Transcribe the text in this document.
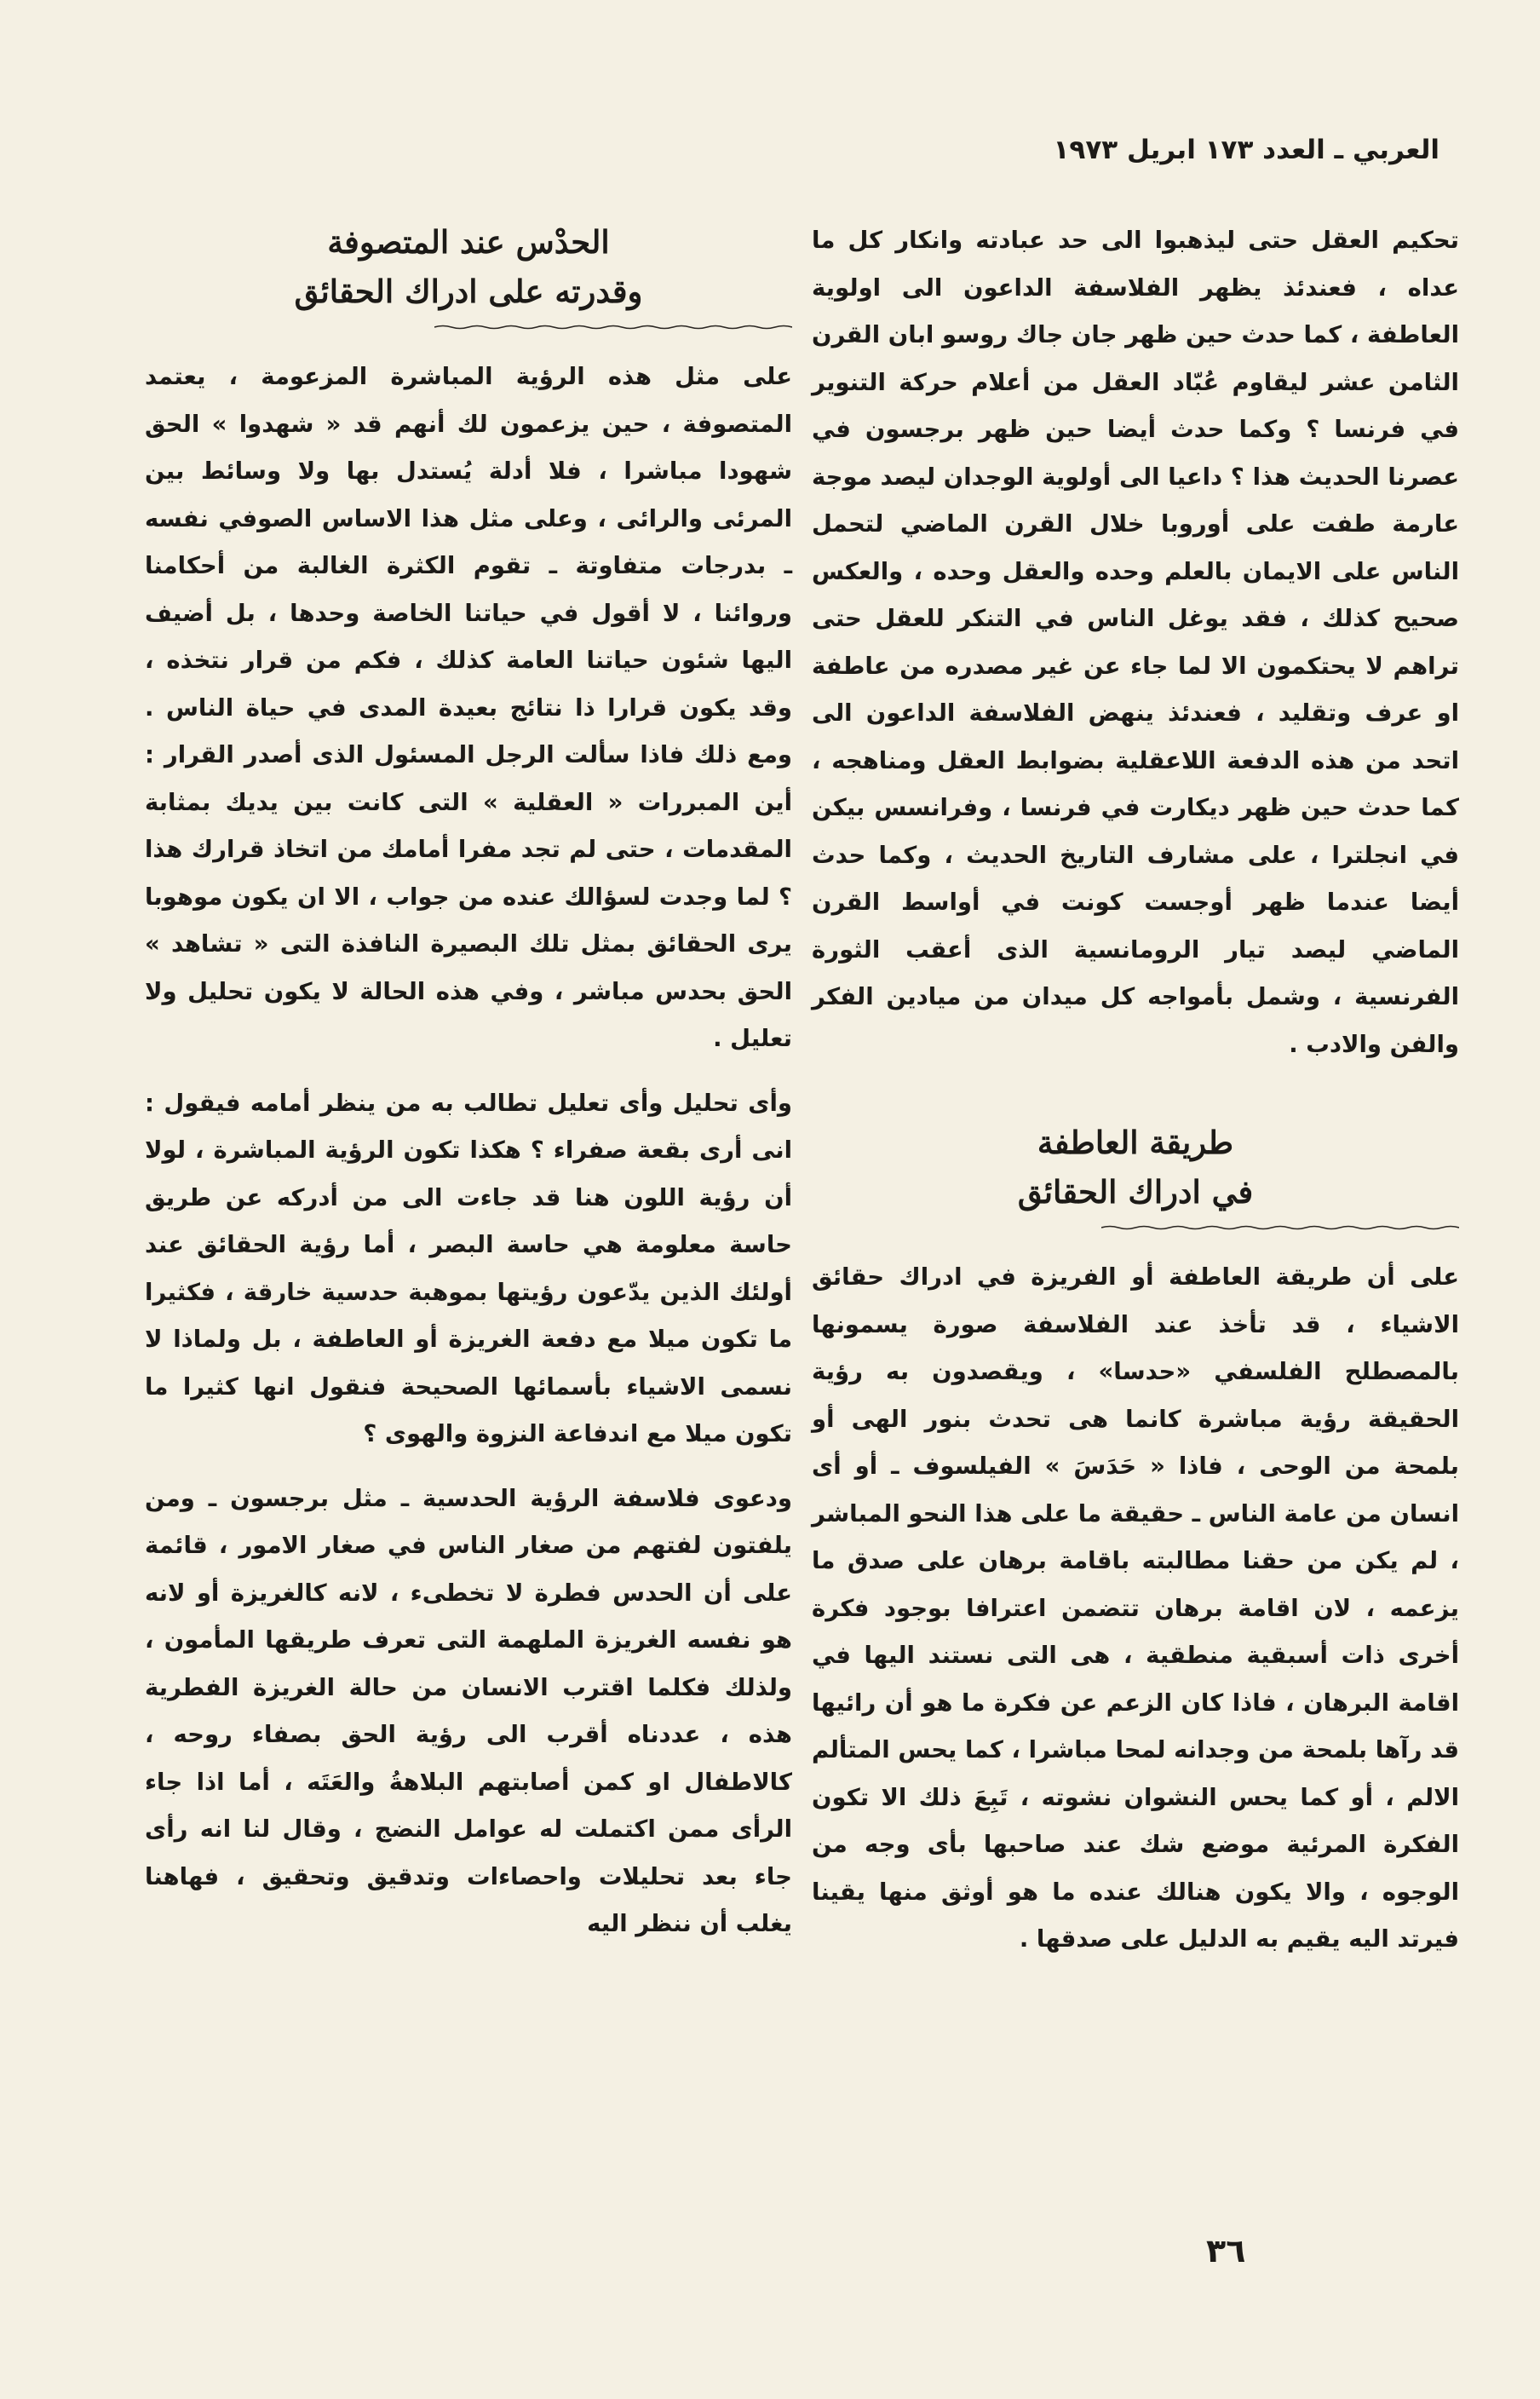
العربي ـ العدد ١٧٣ ابريل ١٩٧٣

تحكيم العقل حتى ليذهبوا الى حد عبادته وانكار كل ما عداه ، فعندئذ يظهر الفلاسفة الداعون الى اولوية العاطفة ، كما حدث حين ظهر جان جاك روسو ابان القرن الثامن عشر ليقاوم عُبّاد العقل من أعلام حركة التنوير في فرنسا ؟ وكما حدث أيضا حين ظهر برجسون في عصرنا الحديث هذا ؟ داعيا الى أولوية الوجدان ليصد موجة عارمة طفت على أوروبا خلال القرن الماضي لتحمل الناس على الايمان بالعلم وحده والعقل وحده ، والعكس صحيح كذلك ، فقد يوغل الناس في التنكر للعقل حتى تراهم لا يحتكمون الا لما جاء عن غير مصدره من عاطفة او عرف وتقليد ، فعندئذ ينهض الفلاسفة الداعون الى اتحد من هذه الدفعة اللاعقلية بضوابط العقل ومناهجه ، كما حدث حين ظهر ديكارت في فرنسا ، وفرانسس بيكن في انجلترا ، على مشارف التاريخ الحديث ، وكما حدث أيضا عندما ظهر أوجست كونت في أواسط القرن الماضي ليصد تيار الرومانسية الذى أعقب الثورة الفرنسية ، وشمل بأمواجه كل ميدان من ميادين الفكر والفن والادب .

طريقة العاطفة

في ادراك الحقائق

على أن طريقة العاطفة أو الفريزة في ادراك حقائق الاشياء ، قد تأخذ عند الفلاسفة صورة يسمونها بالمصطلح الفلسفي «حدسا» ، ويقصدون به رؤية الحقيقة رؤية مباشرة كانما هى تحدث بنور الهى أو بلمحة من الوحى ، فاذا « حَدَسَ » الفيلسوف ـ أو أى انسان من عامة الناس ـ حقيقة ما على هذا النحو المباشر ، لم يكن من حقنا مطالبته باقامة برهان على صدق ما يزعمه ، لان اقامة برهان تتضمن اعترافا بوجود فكرة أخرى ذات أسبقية منطقية ، هى التى نستند اليها في اقامة البرهان ، فاذا كان الزعم عن فكرة ما هو أن رائيها قد رآها بلمحة من وجدانه لمحا مباشرا ، كما يحس المتألم الالم ، أو كما يحس النشوان نشوته ، تَبِعَ ذلك الا تكون الفكرة المرئية موضع شك عند صاحبها بأى وجه من الوجوه ، والا يكون هنالك عنده ما هو أوثق منها يقينا فيرتد اليه يقيم به الدليل على صدقها .

الحدْس عند المتصوفة

وقدرته على ادراك الحقائق

على مثل هذه الرؤية المباشرة المزعومة ، يعتمد المتصوفة ، حين يزعمون لك أنهم قد « شهدوا » الحق شهودا مباشرا ، فلا أدلة يُستدل بها ولا وسائط بين المرئى والرائى ، وعلى مثل هذا الاساس الصوفي نفسه ـ بدرجات متفاوتة ـ تقوم الكثرة الغالبة من أحكامنا وروائنا ، لا أقول في حياتنا الخاصة وحدها ، بل أضيف اليها شئون حياتنا العامة كذلك ، فكم من قرار نتخذه ، وقد يكون قرارا ذا نتائج بعيدة المدى في حياة الناس . ومع ذلك فاذا سألت الرجل المسئول الذى أصدر القرار : أين المبررات « العقلية » التى كانت بين يديك بمثابة المقدمات ، حتى لم تجد مفرا أمامك من اتخاذ قرارك هذا ؟ لما وجدت لسؤالك عنده من جواب ، الا ان يكون موهوبا يرى الحقائق بمثل تلك البصيرة النافذة التى « تشاهد » الحق بحدس مباشر ، وفي هذه الحالة لا يكون تحليل ولا تعليل .

وأى تحليل وأى تعليل تطالب به من ينظر أمامه فيقول : انى أرى بقعة صفراء ؟ هكذا تكون الرؤية المباشرة ، لولا أن رؤية اللون هنا قد جاءت الى من أدركه عن طريق حاسة معلومة هي حاسة البصر ، أما رؤية الحقائق عند أولئك الذين يدّعون رؤيتها بموهبة حدسية خارقة ، فكثيرا ما تكون ميلا مع دفعة الغريزة أو العاطفة ، بل ولماذا لا نسمى الاشياء بأسمائها الصحيحة فنقول انها كثيرا ما تكون ميلا مع اندفاعة النزوة والهوى ؟

ودعوى فلاسفة الرؤية الحدسية ـ مثل برجسون ـ ومن يلفتون لفتهم من صغار الناس في صغار الامور ، قائمة على أن الحدس فطرة لا تخطىء ، لانه كالغريزة أو لانه هو نفسه الغريزة الملهمة التى تعرف طريقها المأمون ، ولذلك فكلما اقترب الانسان من حالة الغريزة الفطرية هذه ، عددناه أقرب الى رؤية الحق بصفاء روحه ، كالاطفال او كمن أصابتهم البلاهةُ والعَتَه ، أما اذا جاء الرأى ممن اكتملت له عوامل النضج ، وقال لنا انه رأى جاء بعد تحليلات واحصاءات وتدقيق وتحقيق ، فهاهنا يغلب أن ننظر اليه

٣٦
